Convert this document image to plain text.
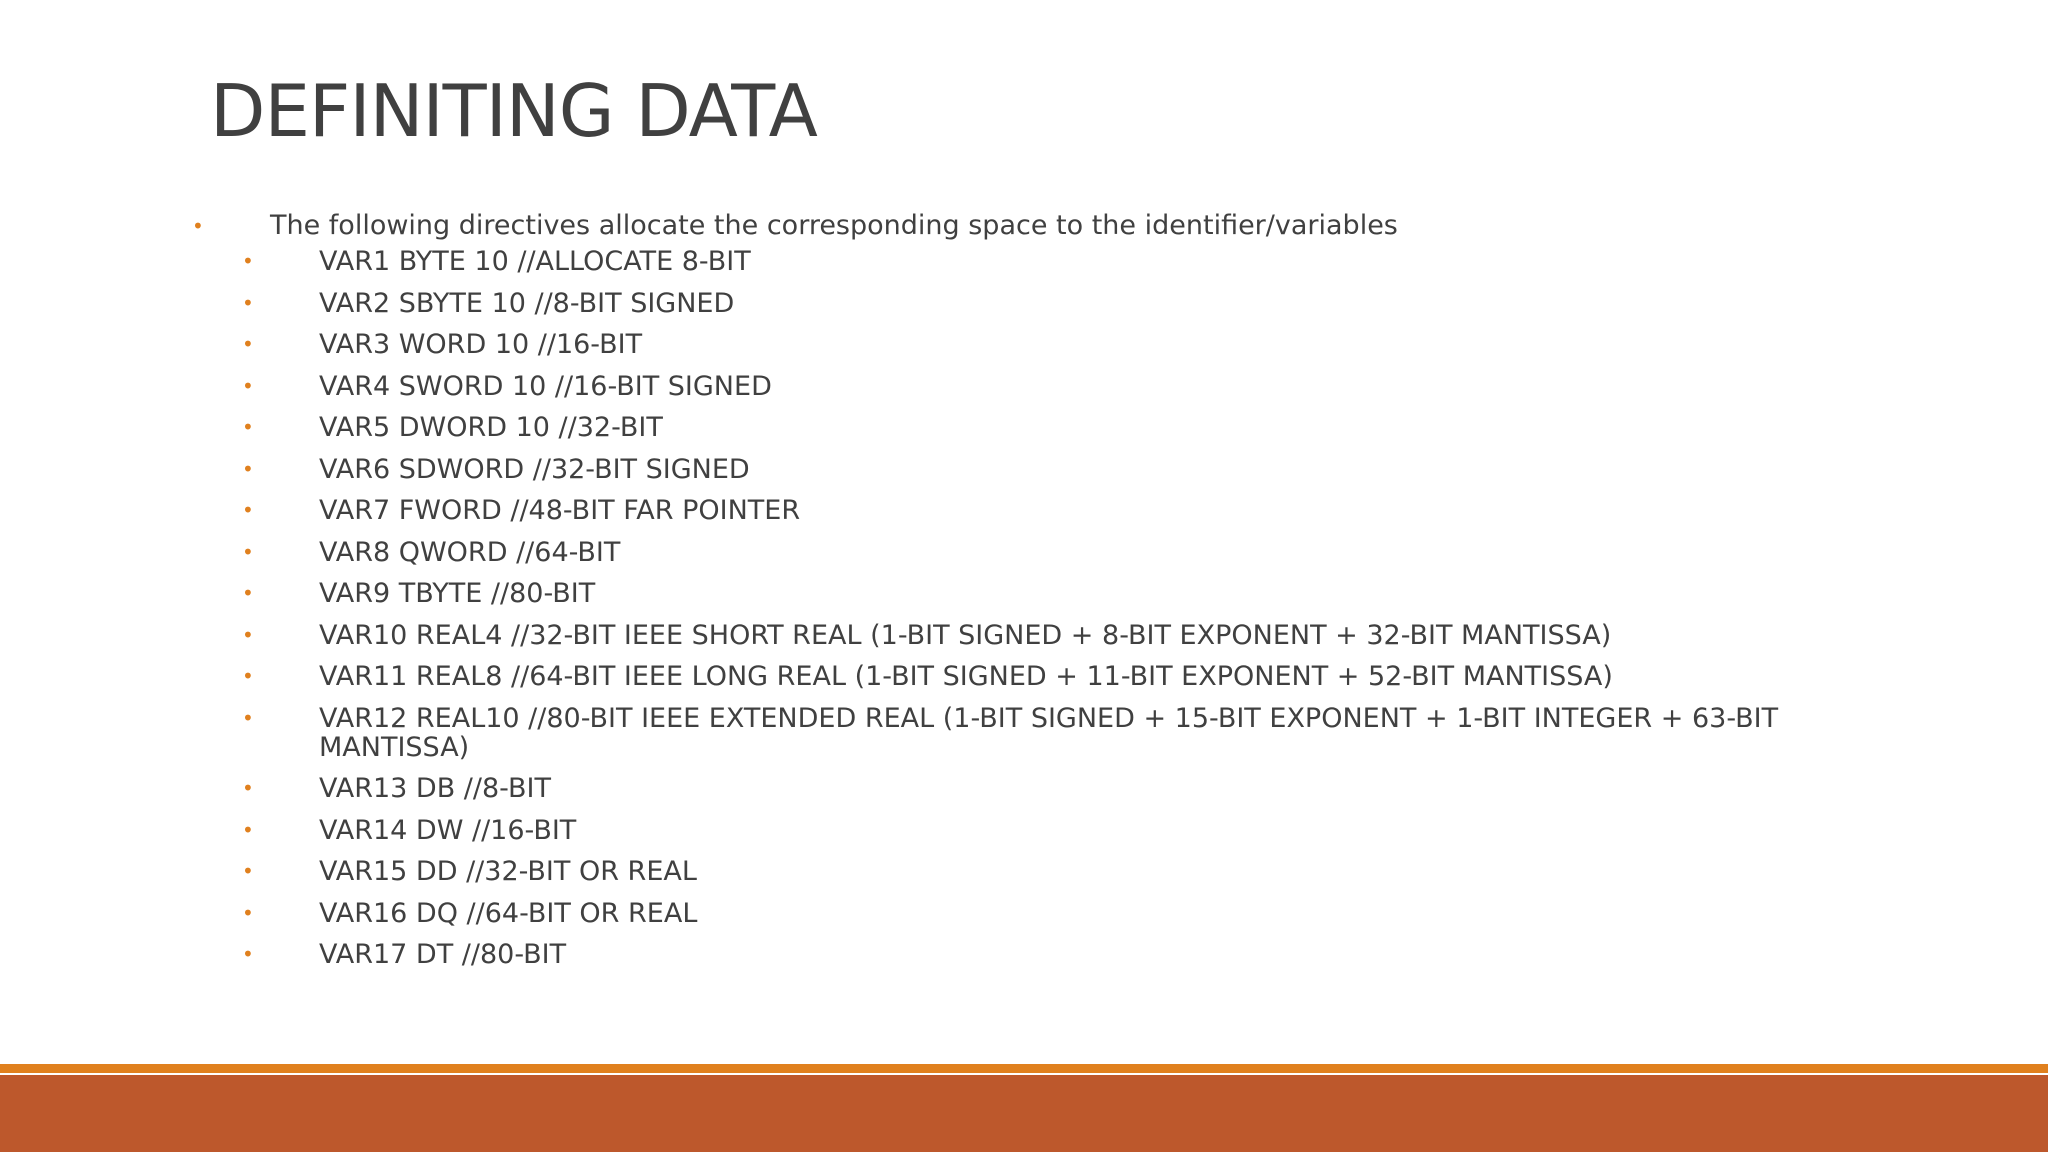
DEFINITING DATA
• The following directives allocate the corresponding space to the identifier/variables
• VAR1 BYTE 10 //ALLOCATE 8-BIT
• VAR2 SBYTE 10 //8-BIT SIGNED
• VAR3 WORD 10 //16-BIT
• VAR4 SWORD 10 //16-BIT SIGNED
• VAR5 DWORD 10 //32-BIT
• VAR6 SDWORD //32-BIT SIGNED
• VAR7 FWORD //48-BIT FAR POINTER
• VAR8 QWORD //64-BIT
• VAR9 TBYTE //80-BIT
• VAR10 REAL4 //32-BIT IEEE SHORT REAL (1-BIT SIGNED + 8-BIT EXPONENT + 32-BIT MANTISSA)
• VAR11 REAL8 //64-BIT IEEE LONG REAL (1-BIT SIGNED + 11-BIT EXPONENT + 52-BIT MANTISSA)
• VAR12 REAL10 //80-BIT IEEE EXTENDED REAL (1-BIT SIGNED + 15-BIT EXPONENT + 1-BIT INTEGER + 63-BIT MANTISSA)
• VAR13 DB //8-BIT
• VAR14 DW //16-BIT
• VAR15 DD //32-BIT OR REAL
• VAR16 DQ //64-BIT OR REAL
• VAR17 DT //80-BIT
